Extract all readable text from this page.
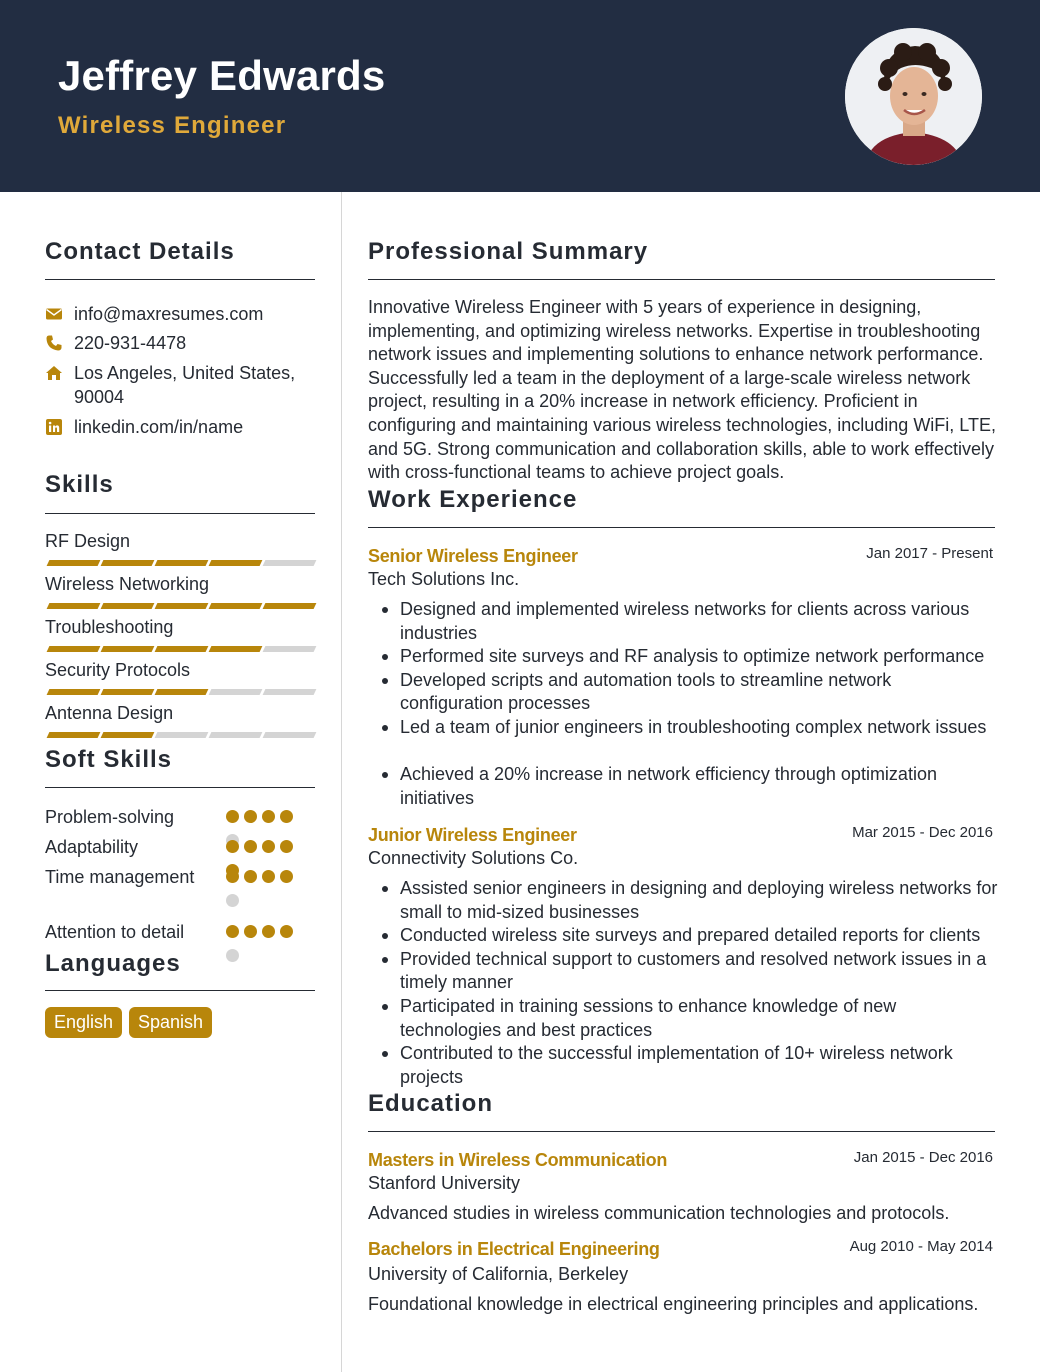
Jeffrey Edwards
Wireless Engineer
Contact Details
info@maxresumes.com
220-931-4478
Los Angeles, United States, 90004
linkedin.com/in/name
Skills
RF Design
Wireless Networking
Troubleshooting
Security Protocols
Antenna Design
Soft Skills
Problem-solving
Adaptability
Time management
Attention to detail
Languages
English	Spanish
Professional Summary
Innovative Wireless Engineer with 5 years of experience in designing, implementing, and optimizing wireless networks. Expertise in troubleshooting network issues and implementing solutions to enhance network performance. Successfully led a team in the deployment of a large-scale wireless network project, resulting in a 20% increase in network efficiency. Proficient in configuring and maintaining various wireless technologies, including WiFi, LTE, and 5G. Strong communication and collaboration skills, able to work effectively with cross-functional teams to achieve project goals.
Work Experience
Senior Wireless Engineer	Jan 2017 - Present
Tech Solutions Inc.
Designed and implemented wireless networks for clients across various industries
Performed site surveys and RF analysis to optimize network performance
Developed scripts and automation tools to streamline network configuration processes
Led a team of junior engineers in troubleshooting complex network issues
Achieved a 20% increase in network efficiency through optimization initiatives
Junior Wireless Engineer	Mar 2015 - Dec 2016
Connectivity Solutions Co.
Assisted senior engineers in designing and deploying wireless networks for small to mid-sized businesses
Conducted wireless site surveys and prepared detailed reports for clients
Provided technical support to customers and resolved network issues in a timely manner
Participated in training sessions to enhance knowledge of new technologies and best practices
Contributed to the successful implementation of 10+ wireless network projects
Education
Masters in Wireless Communication	Jan 2015 - Dec 2016
Stanford University
Advanced studies in wireless communication technologies and protocols.
Bachelors in Electrical Engineering	Aug 2010 - May 2014
University of California, Berkeley
Foundational knowledge in electrical engineering principles and applications.
